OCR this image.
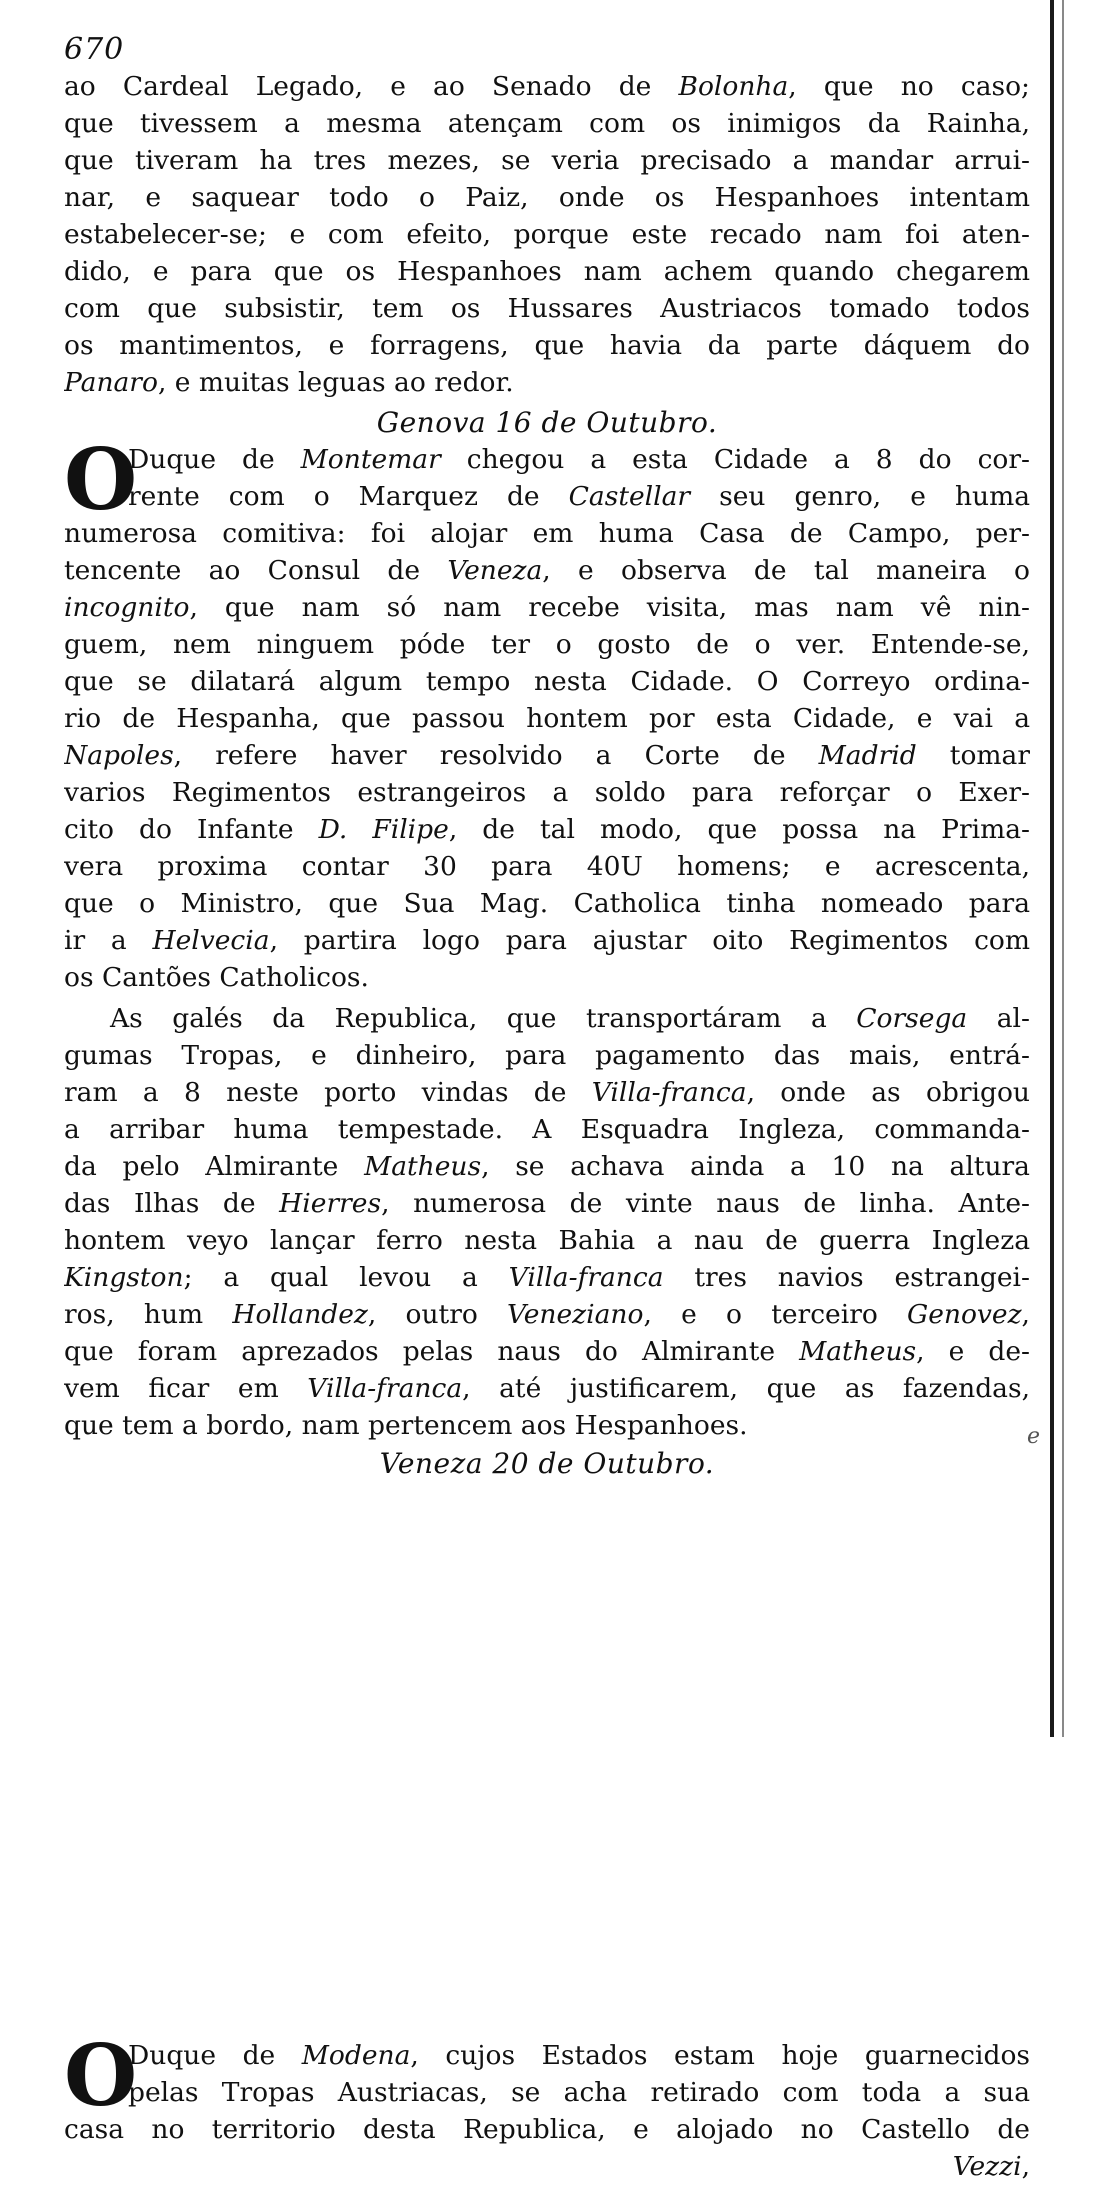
670
ao Cardeal Legado, e ao Senado de Bolonha, que no caso;
que tivessem a mesma atençam com os inimigos da Rainha,
que tiveram ha tres mezes, se veria precisado a mandar arrui-
nar, e saquear todo o Paiz, onde os Hespanhoes intentam
estabelecer-se; e com efeito, porque este recado nam foi aten-
dido, e para que os Hespanhoes nam achem quando chegarem
com que subsistir, tem os Hussares Austriacos tomado todos
os mantimentos, e forragens, que havia da parte dáquem do
Panaro, e muitas leguas ao redor.
Genova 16 de Outubro.
O
Duque de Montemar chegou a esta Cidade a 8 do cor-
rente com o Marquez de Castellar seu genro, e huma
numerosa comitiva: foi alojar em huma Casa de Campo, per-
tencente ao Consul de Veneza, e observa de tal maneira o
incognito, que nam só nam recebe visita, mas nam vê nin-
guem, nem ninguem póde ter o gosto de o ver. Entende-se,
que se dilatará algum tempo nesta Cidade. O Correyo ordina-
rio de Hespanha, que passou hontem por esta Cidade, e vai a
Napoles, refere haver resolvido a Corte de Madrid tomar
varios Regimentos estrangeiros a soldo para reforçar o Exer-
cito do Infante D. Filipe, de tal modo, que possa na Prima-
vera proxima contar 30 para 40U homens; e acrescenta,
que o Ministro, que Sua Mag. Catholica tinha nomeado para
ir a Helvecia, partira logo para ajustar oito Regimentos com
os Cantões Catholicos.
As galés da Republica, que transportáram a Corsega al-
gumas Tropas, e dinheiro, para pagamento das mais, entrá-
ram a 8 neste porto vindas de Villa-franca, onde as obrigou
a arribar huma tempestade. A Esquadra Ingleza, commanda-
da pelo Almirante Matheus, se achava ainda a 10 na altura
das Ilhas de Hierres, numerosa de vinte naus de linha. Ante-
hontem veyo lançar ferro nesta Bahia a nau de guerra Ingleza
Kingston; a qual levou a Villa-franca tres navios estrangei-
ros, hum Hollandez, outro Veneziano, e o terceiro Genovez,
que foram aprezados pelas naus do Almirante Matheus, e de-
vem ficar em Villa-franca, até justificarem, que as fazendas,
que tem a bordo, nam pertencem aos Hespanhoes.	e
Veneza 20 de Outubro.
O
Duque de Modena, cujos Estados estam hoje guarnecidos
pelas Tropas Austriacas, se acha retirado com toda a sua
casa no territorio desta Republica, e alojado no Castello de
Vezzi,
